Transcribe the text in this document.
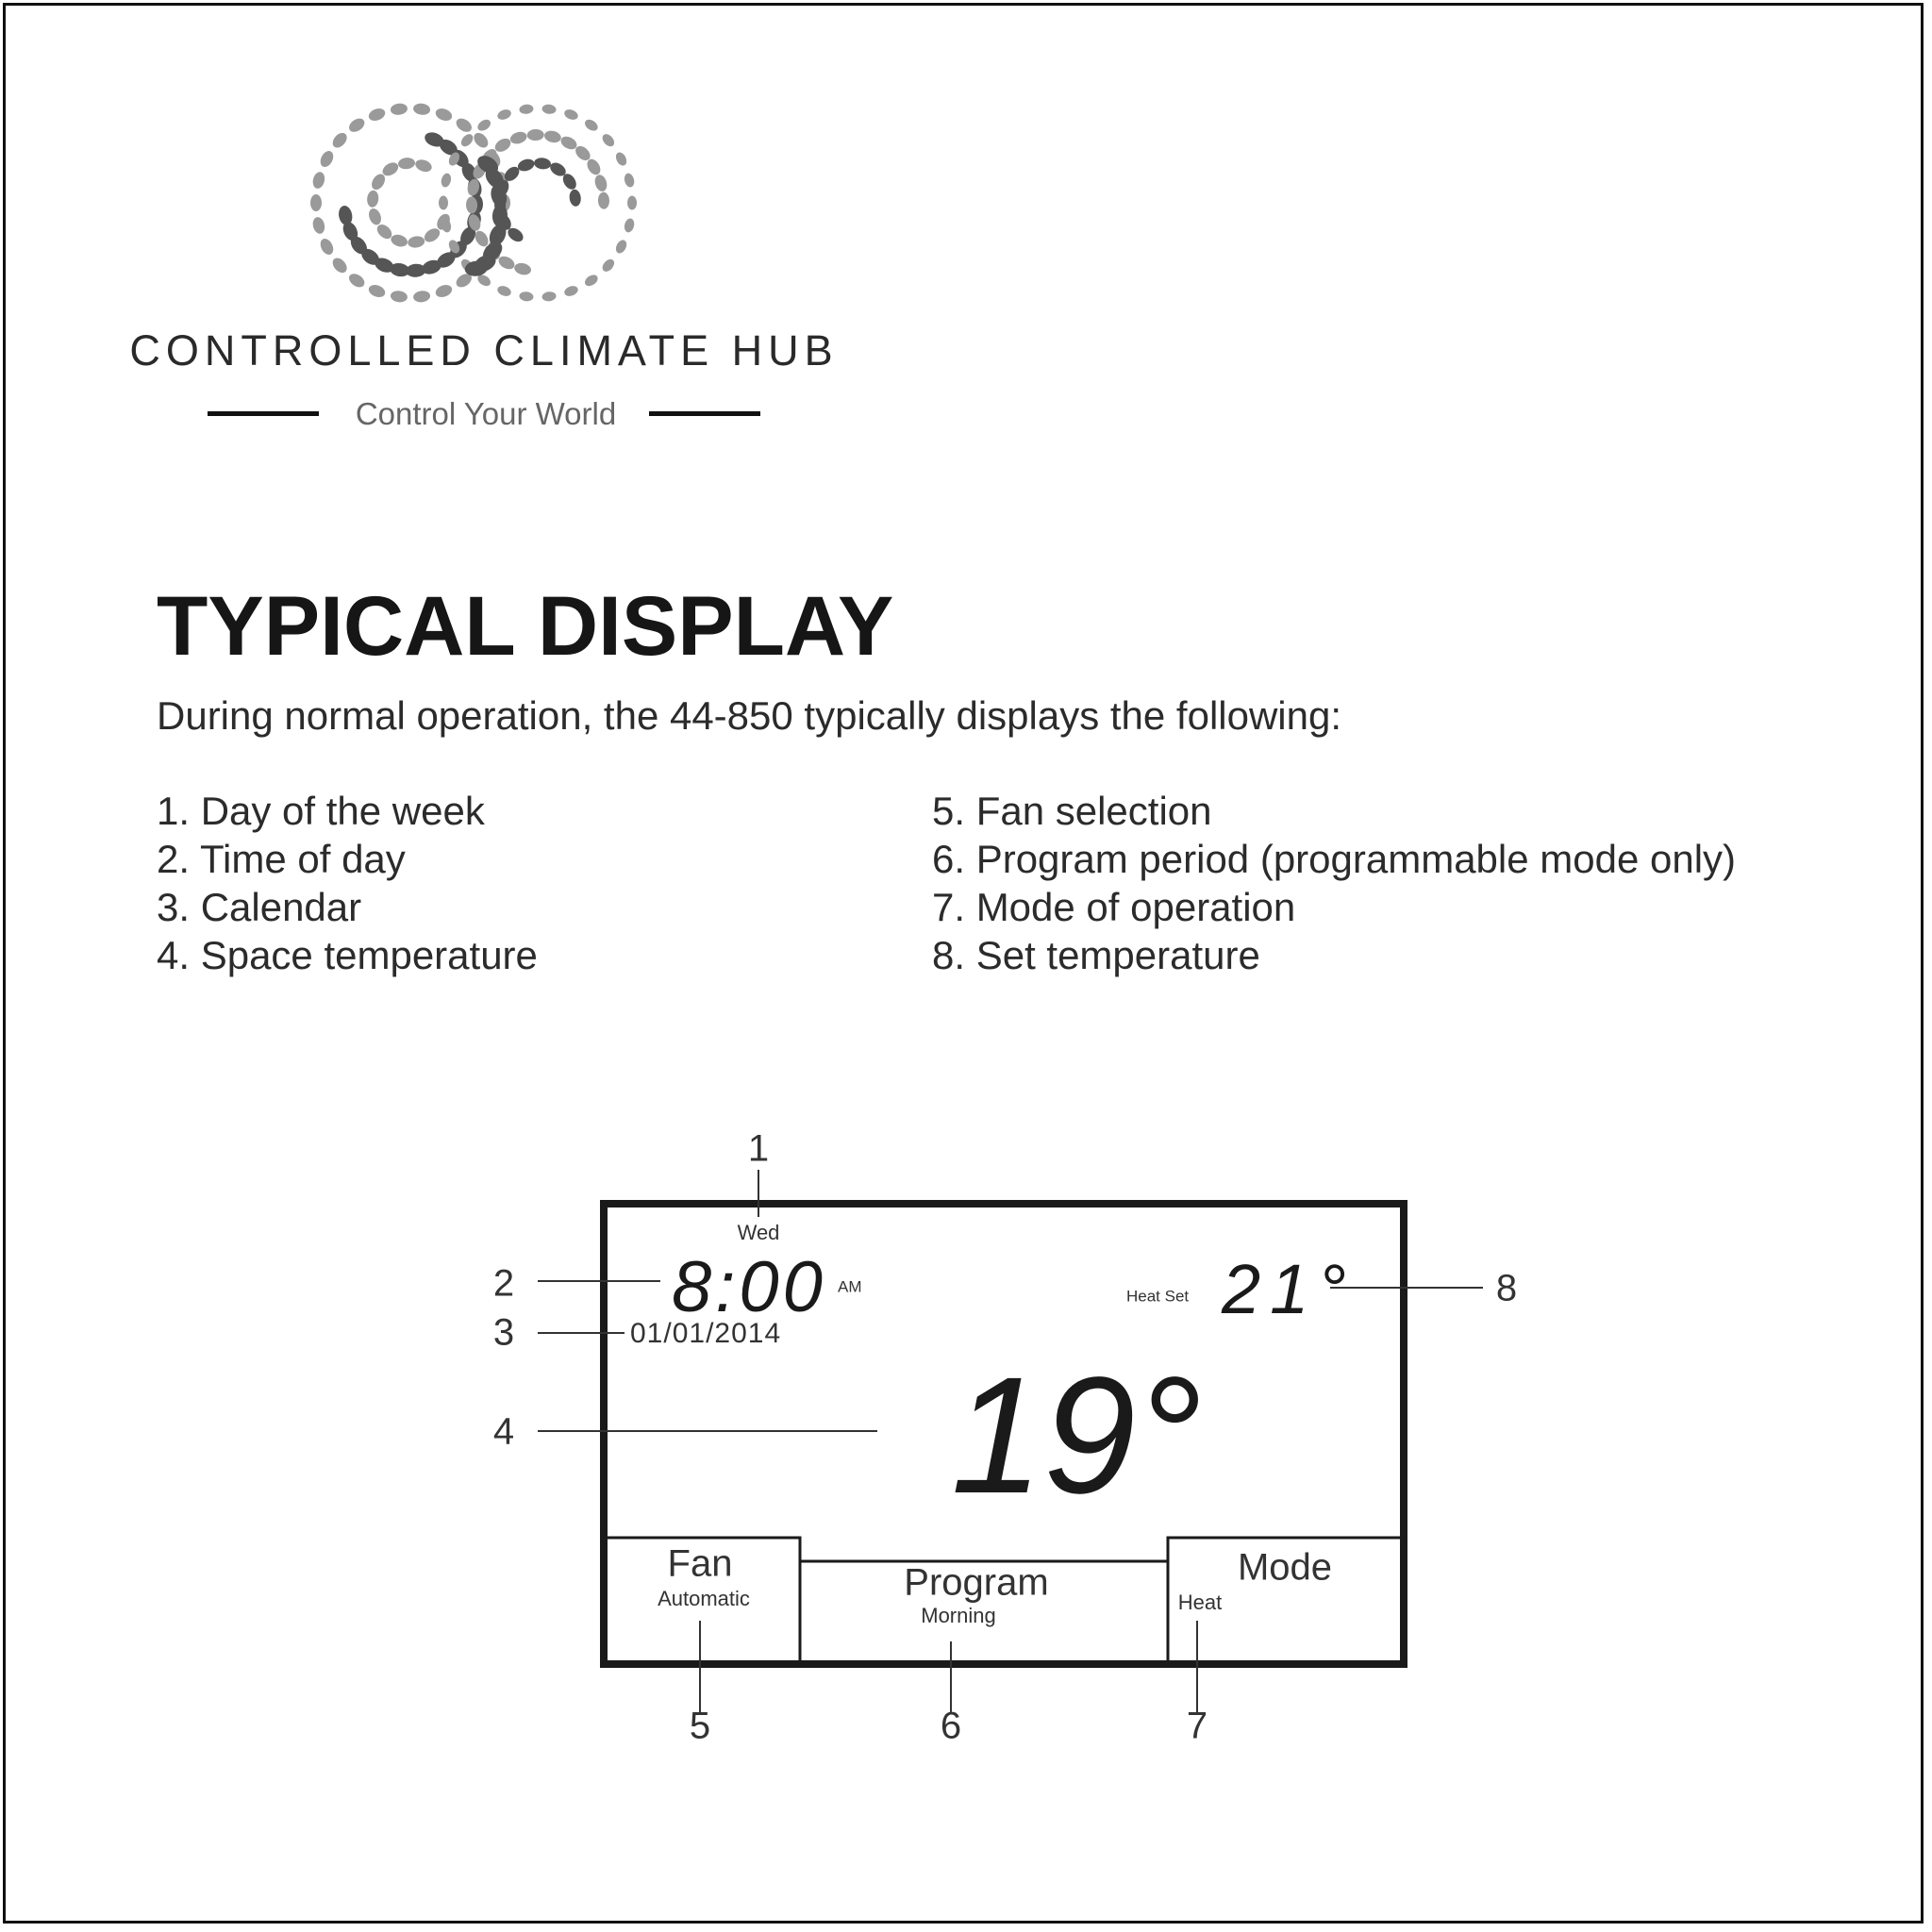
CONTROLLED CLIMATE HUB
Control Your World
TYPICAL DISPLAY
During normal operation, the 44-850 typically displays the following:
1. Day of the week
2. Time of day
3. Calendar
4. Space temperature
5. Fan selection
6. Program period (programmable mode only)
7. Mode of operation
8. Set temperature
1
2
3
4
5	6	7
8
Wed
8:00 AM
01/01/2014
Heat Set 21°
19°
Fan
Automatic	Program
Morning
Mode
Heat
